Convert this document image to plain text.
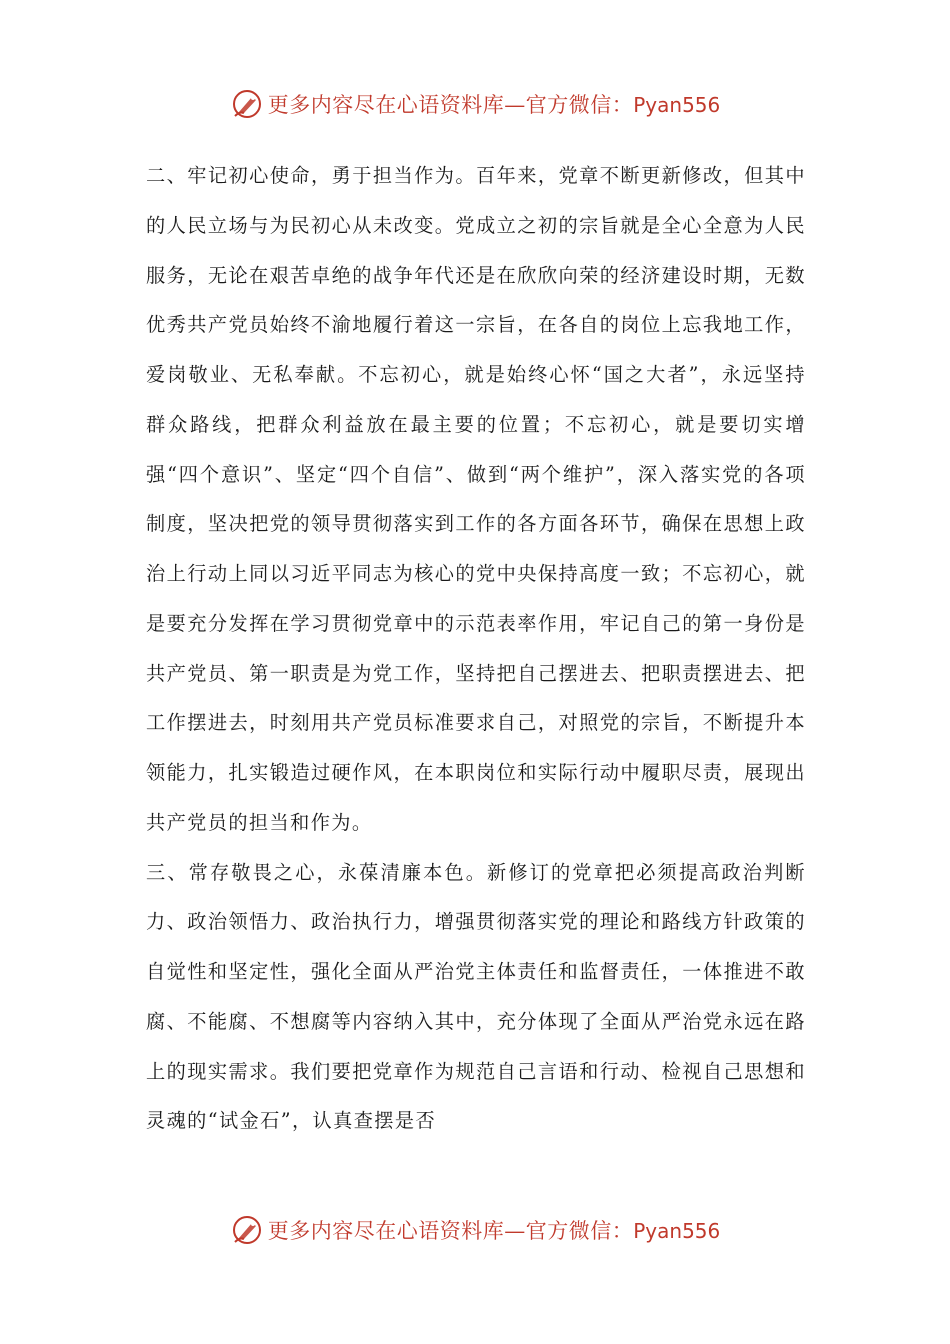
更多内容尽在心语资料库—官方微信：Pyan556

二、牢记初心使命，勇于担当作为。百年来，党章不断更新修改，但其中的人民立场与为民初心从未改变。党成立之初的宗旨就是全心全意为人民服务，无论在艰苦卓绝的战争年代还是在欣欣向荣的经济建设时期，无数优秀共产党员始终不渝地履行着这一宗旨，在各自的岗位上忘我地工作，爱岗敬业、无私奉献。不忘初心，就是始终心怀“国之大者”，永远坚持群众路线，把群众利益放在最主要的位置；不忘初心，就是要切实增强“四个意识”、坚定“四个自信”、做到“两个维护”，深入落实党的各项制度，坚决把党的领导贯彻落实到工作的各方面各环节，确保在思想上政治上行动上同以习近平同志为核心的党中央保持高度一致；不忘初心，就是要充分发挥在学习贯彻党章中的示范表率作用，牢记自己的第一身份是共产党员、第一职责是为党工作，坚持把自己摆进去、把职责摆进去、把工作摆进去，时刻用共产党员标准要求自己，对照党的宗旨，不断提升本领能力，扎实锻造过硬作风，在本职岗位和实际行动中履职尽责，展现出共产党员的担当和作为。

三、常存敬畏之心，永葆清廉本色。新修订的党章把必须提高政治判断力、政治领悟力、政治执行力，增强贯彻落实党的理论和路线方针政策的自觉性和坚定性，强化全面从严治党主体责任和监督责任，一体推进不敢腐、不能腐、不想腐等内容纳入其中，充分体现了全面从严治党永远在路上的现实需求。我们要把党章作为规范自己言语和行动、检视自己思想和灵魂的“试金石”，认真查摆是否

更多内容尽在心语资料库—官方微信：Pyan556
